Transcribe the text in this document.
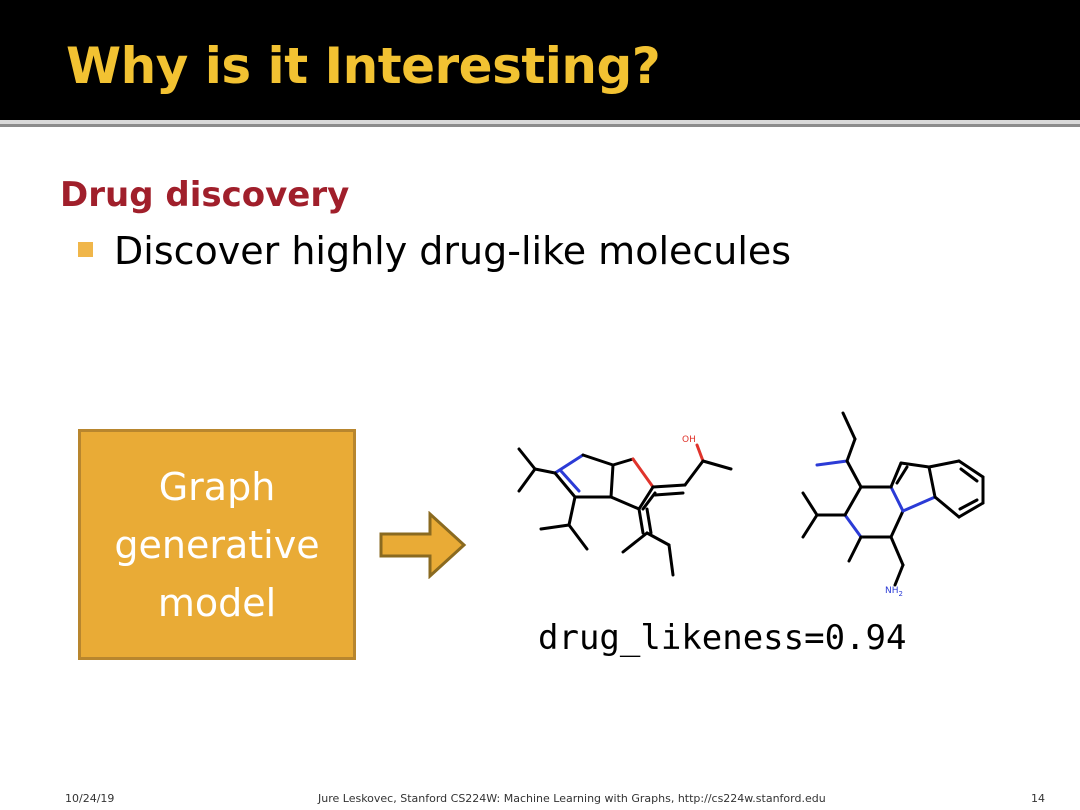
Why is it Interesting?
Drug discovery
Discover highly drug-like molecules
Graph
generative
model
OH
$NH_2$
drug_likeness=0.94
10/24/19	Jure Leskovec, Stanford CS224W: Machine Learning with Graphs, http://cs224w.stanford.edu	14
